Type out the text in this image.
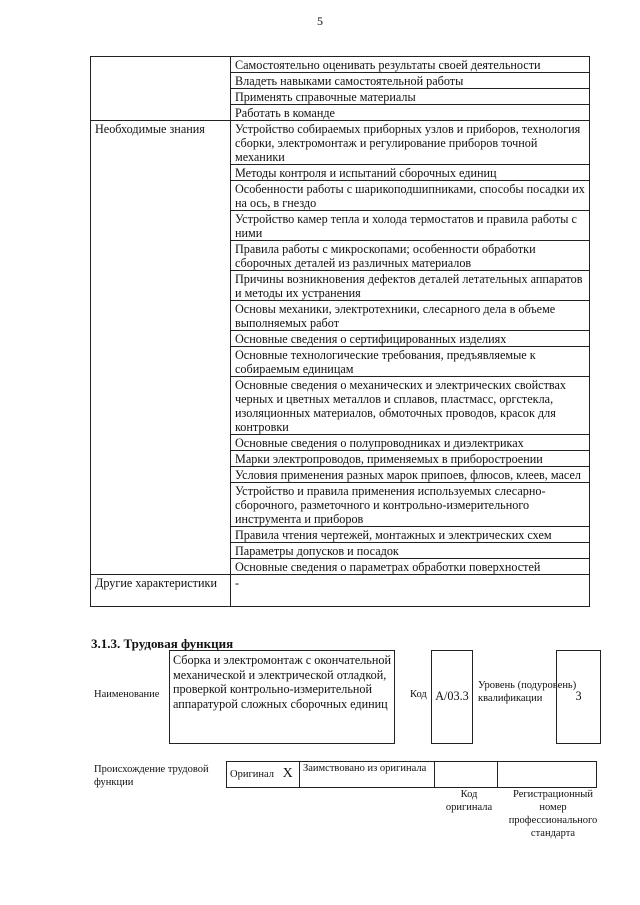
5
	Самостоятельно оценивать результаты своей деятельности
	Владеть навыками самостоятельной работы
	Применять справочные материалы
	Работать в команде
Необходимые знания	Устройство собираемых приборных узлов и приборов, технология сборки, электромонтаж и регулирование приборов точной механики
	Методы контроля и испытаний сборочных единиц
	Особенности работы с шарикоподшипниками, способы посадки их на ось, в гнездо
	Устройство камер тепла и холода термостатов и правила работы с ними
	Правила работы с микроскопами; особенности обработки сборочных деталей из различных материалов
	Причины возникновения дефектов деталей летательных аппаратов и методы их устранения
	Основы механики, электротехники, слесарного дела в объеме выполняемых работ
	Основные сведения о сертифицированных изделиях
	Основные технологические требования, предъявляемые к собираемым единицам
	Основные сведения о механических и электрических свойствах черных и цветных металлов и сплавов, пластмасс, оргстекла, изоляционных материалов, обмоточных проводов, красок для контровки
	Основные сведения о полупроводниках и диэлектриках
	Марки электропроводов, применяемых в приборостроении
	Условия применения разных марок припоев, флюсов, клеев, масел
	Устройство и правила применения используемых слесарно-сборочного, разметочного и контрольно-измерительного инструмента и приборов
	Правила чтения чертежей, монтажных и электрических схем
	Параметры допусков и посадок
	Основные сведения о параметрах обработки поверхностей
Другие характеристики	-
3.1.3. Трудовая функция
Наименование
Сборка и электромонтаж с окончательной механической и электрической отладкой, проверкой контрольно-измерительной аппаратурой сложных сборочных единиц
Код A/03.3
Уровень (подуровень) квалификации	3
Происхождение трудовой функции
Оригинал X	Заимствовано из оригинала		
Код оригинала
Регистрационный номер профессионального стандарта
